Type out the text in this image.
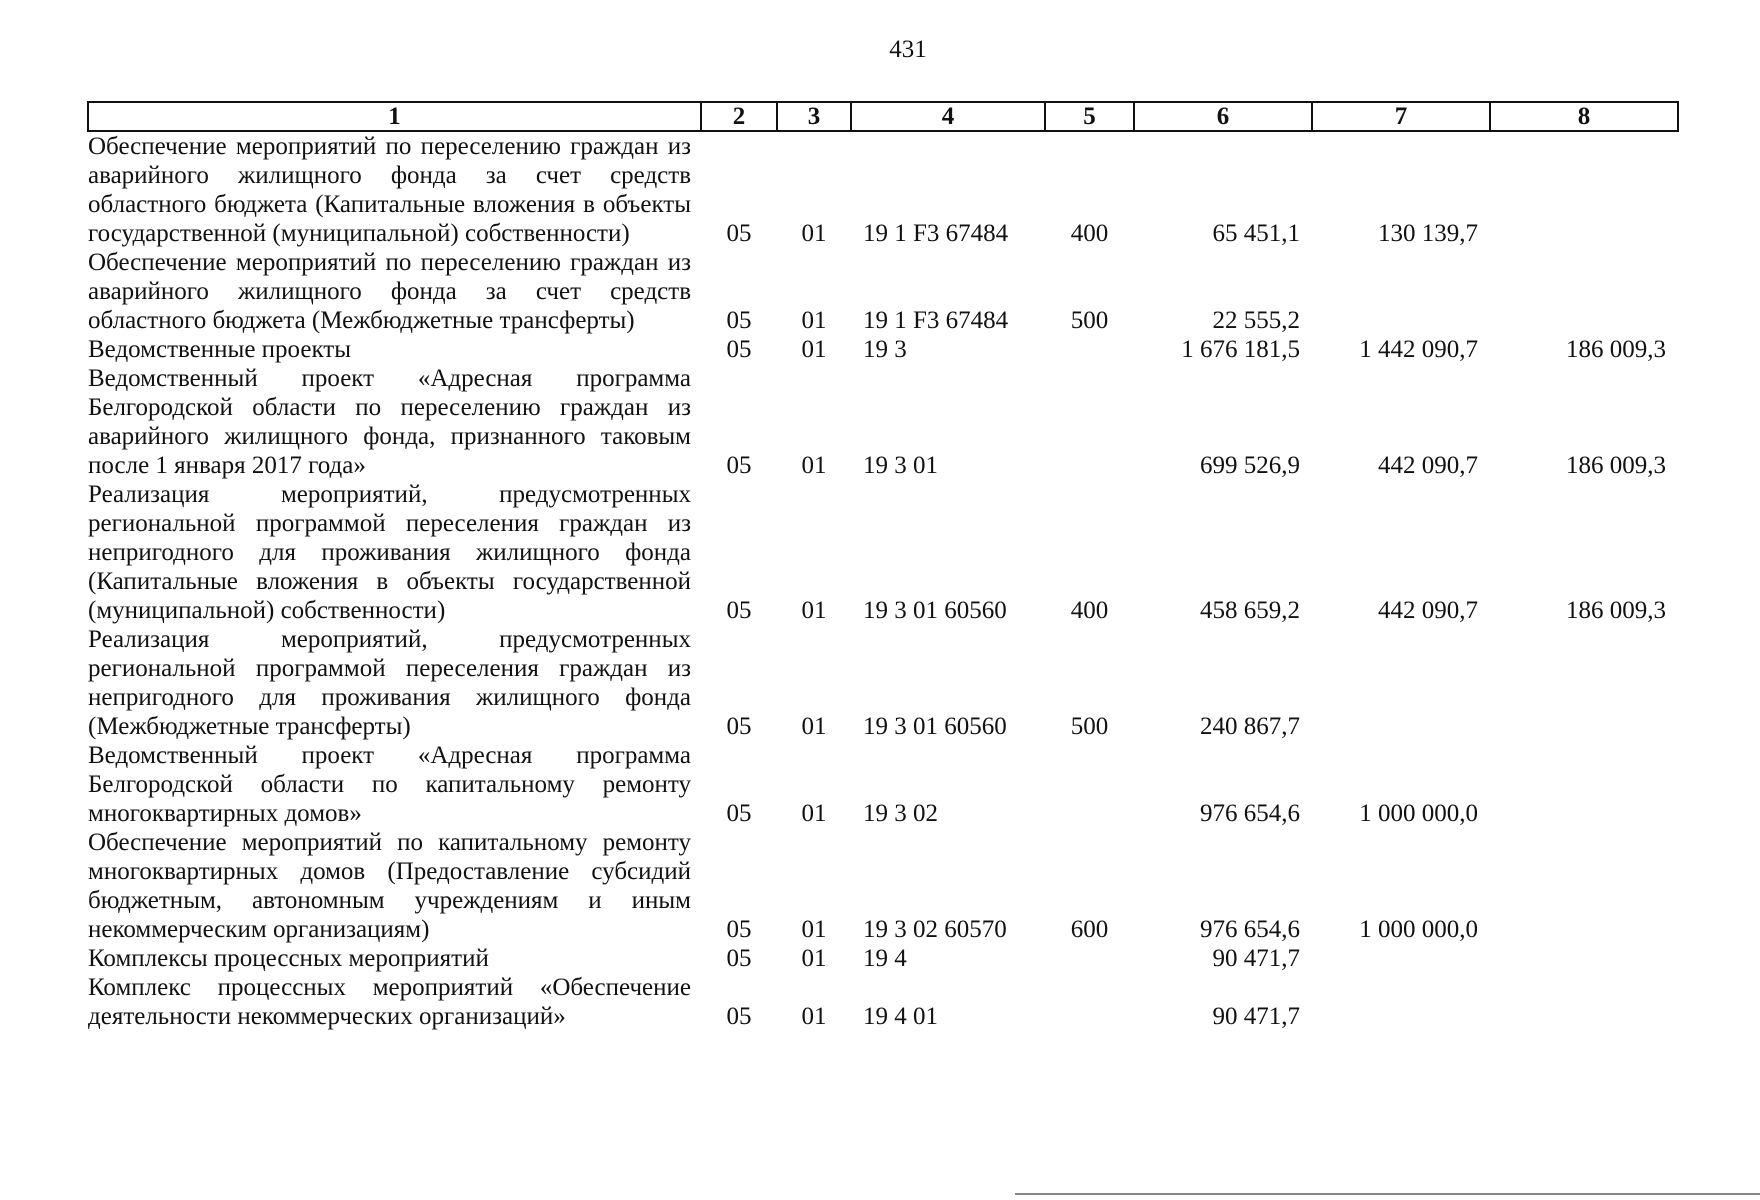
431
1	2	3	4	5	6	7	8
Обеспечение мероприятий по переселению граждан из аварийного жилищного фонда за счет средств областного бюджета (Капитальные вложения в объекты государственной (муниципальной) собственности)	05	01	19 1 F3 67484	400	65 451,1	130 139,7	
Обеспечение мероприятий по переселению граждан из аварийного жилищного фонда за счет средств областного бюджета (Межбюджетные трансферты)	05	01	19 1 F3 67484	500	22 555,2		
Ведомственные проекты	05	01	19 3		1 676 181,5	1 442 090,7	186 009,3
Ведомственный проект «Адресная программа Белгородской области по переселению граждан из аварийного жилищного фонда, признанного таковым после 1 января 2017 года»	05	01	19 3 01		699 526,9	442 090,7	186 009,3
Реализация мероприятий, предусмотренных региональной программой переселения граждан из непригодного для проживания жилищного фонда (Капитальные вложения в объекты государственной (муниципальной) собственности)	05	01	19 3 01 60560	400	458 659,2	442 090,7	186 009,3
Реализация мероприятий, предусмотренных региональной программой переселения граждан из непригодного для проживания жилищного фонда (Межбюджетные трансферты)	05	01	19 3 01 60560	500	240 867,7		
Ведомственный проект «Адресная программа Белгородской области по капитальному ремонту многоквартирных домов»	05	01	19 3 02		976 654,6	1 000 000,0	
Обеспечение мероприятий по капитальному ремонту многоквартирных домов (Предоставление субсидий бюджетным, автономным учреждениям и иным некоммерческим организациям)	05	01	19 3 02 60570	600	976 654,6	1 000 000,0	
Комплексы процессных мероприятий	05	01	19 4		90 471,7		
Комплекс процессных мероприятий «Обеспечение деятельности некоммерческих организаций»	05	01	19 4 01		90 471,7		
